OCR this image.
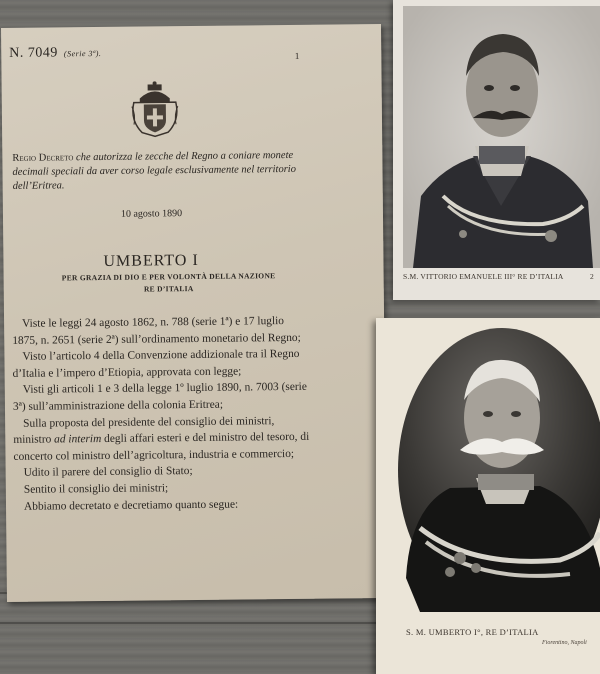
N. 7049 (Serie 3ª).	1
Regio Decreto che autorizza le zecche del Regno a coniare monete decimali speciali da aver corso legale esclusivamente nel territorio dell’Eritrea.
10 agosto 1890
UMBERTO I
PER GRAZIA DI DIO E PER VOLONTÀ DELLA NAZIONE
RE D’ITALIA

Viste le leggi 24 agosto 1862, n. 788 (serie 1ª) e 17 luglio 1875, n. 2651 (serie 2ª) sull’ordinamento monetario del Regno;

Visto l’articolo 4 della Convenzione addizionale tra il Regno d’Italia e l’impero d’Etiopia, approvata con legge;

Visti gli articoli 1 e 3 della legge 1º luglio 1890, n. 7003 (serie 3ª) sull’amministrazione della colonia Eritrea;

Sulla proposta del presidente del consiglio dei ministri,

ministro ad interim degli affari esteri e del ministro del tesoro, di concerto col ministro dell’agricoltura, industria e commercio;

Udito il parere del consiglio di Stato;

Sentito il consiglio dei ministri;

Abbiamo decretato e decretiamo quanto segue:

S.M. VITTORIO EMANUELE III° RE D’ITALIA	2
S. M. UMBERTO I°, RE D’ITALIA
Fiorentino, Napoli
